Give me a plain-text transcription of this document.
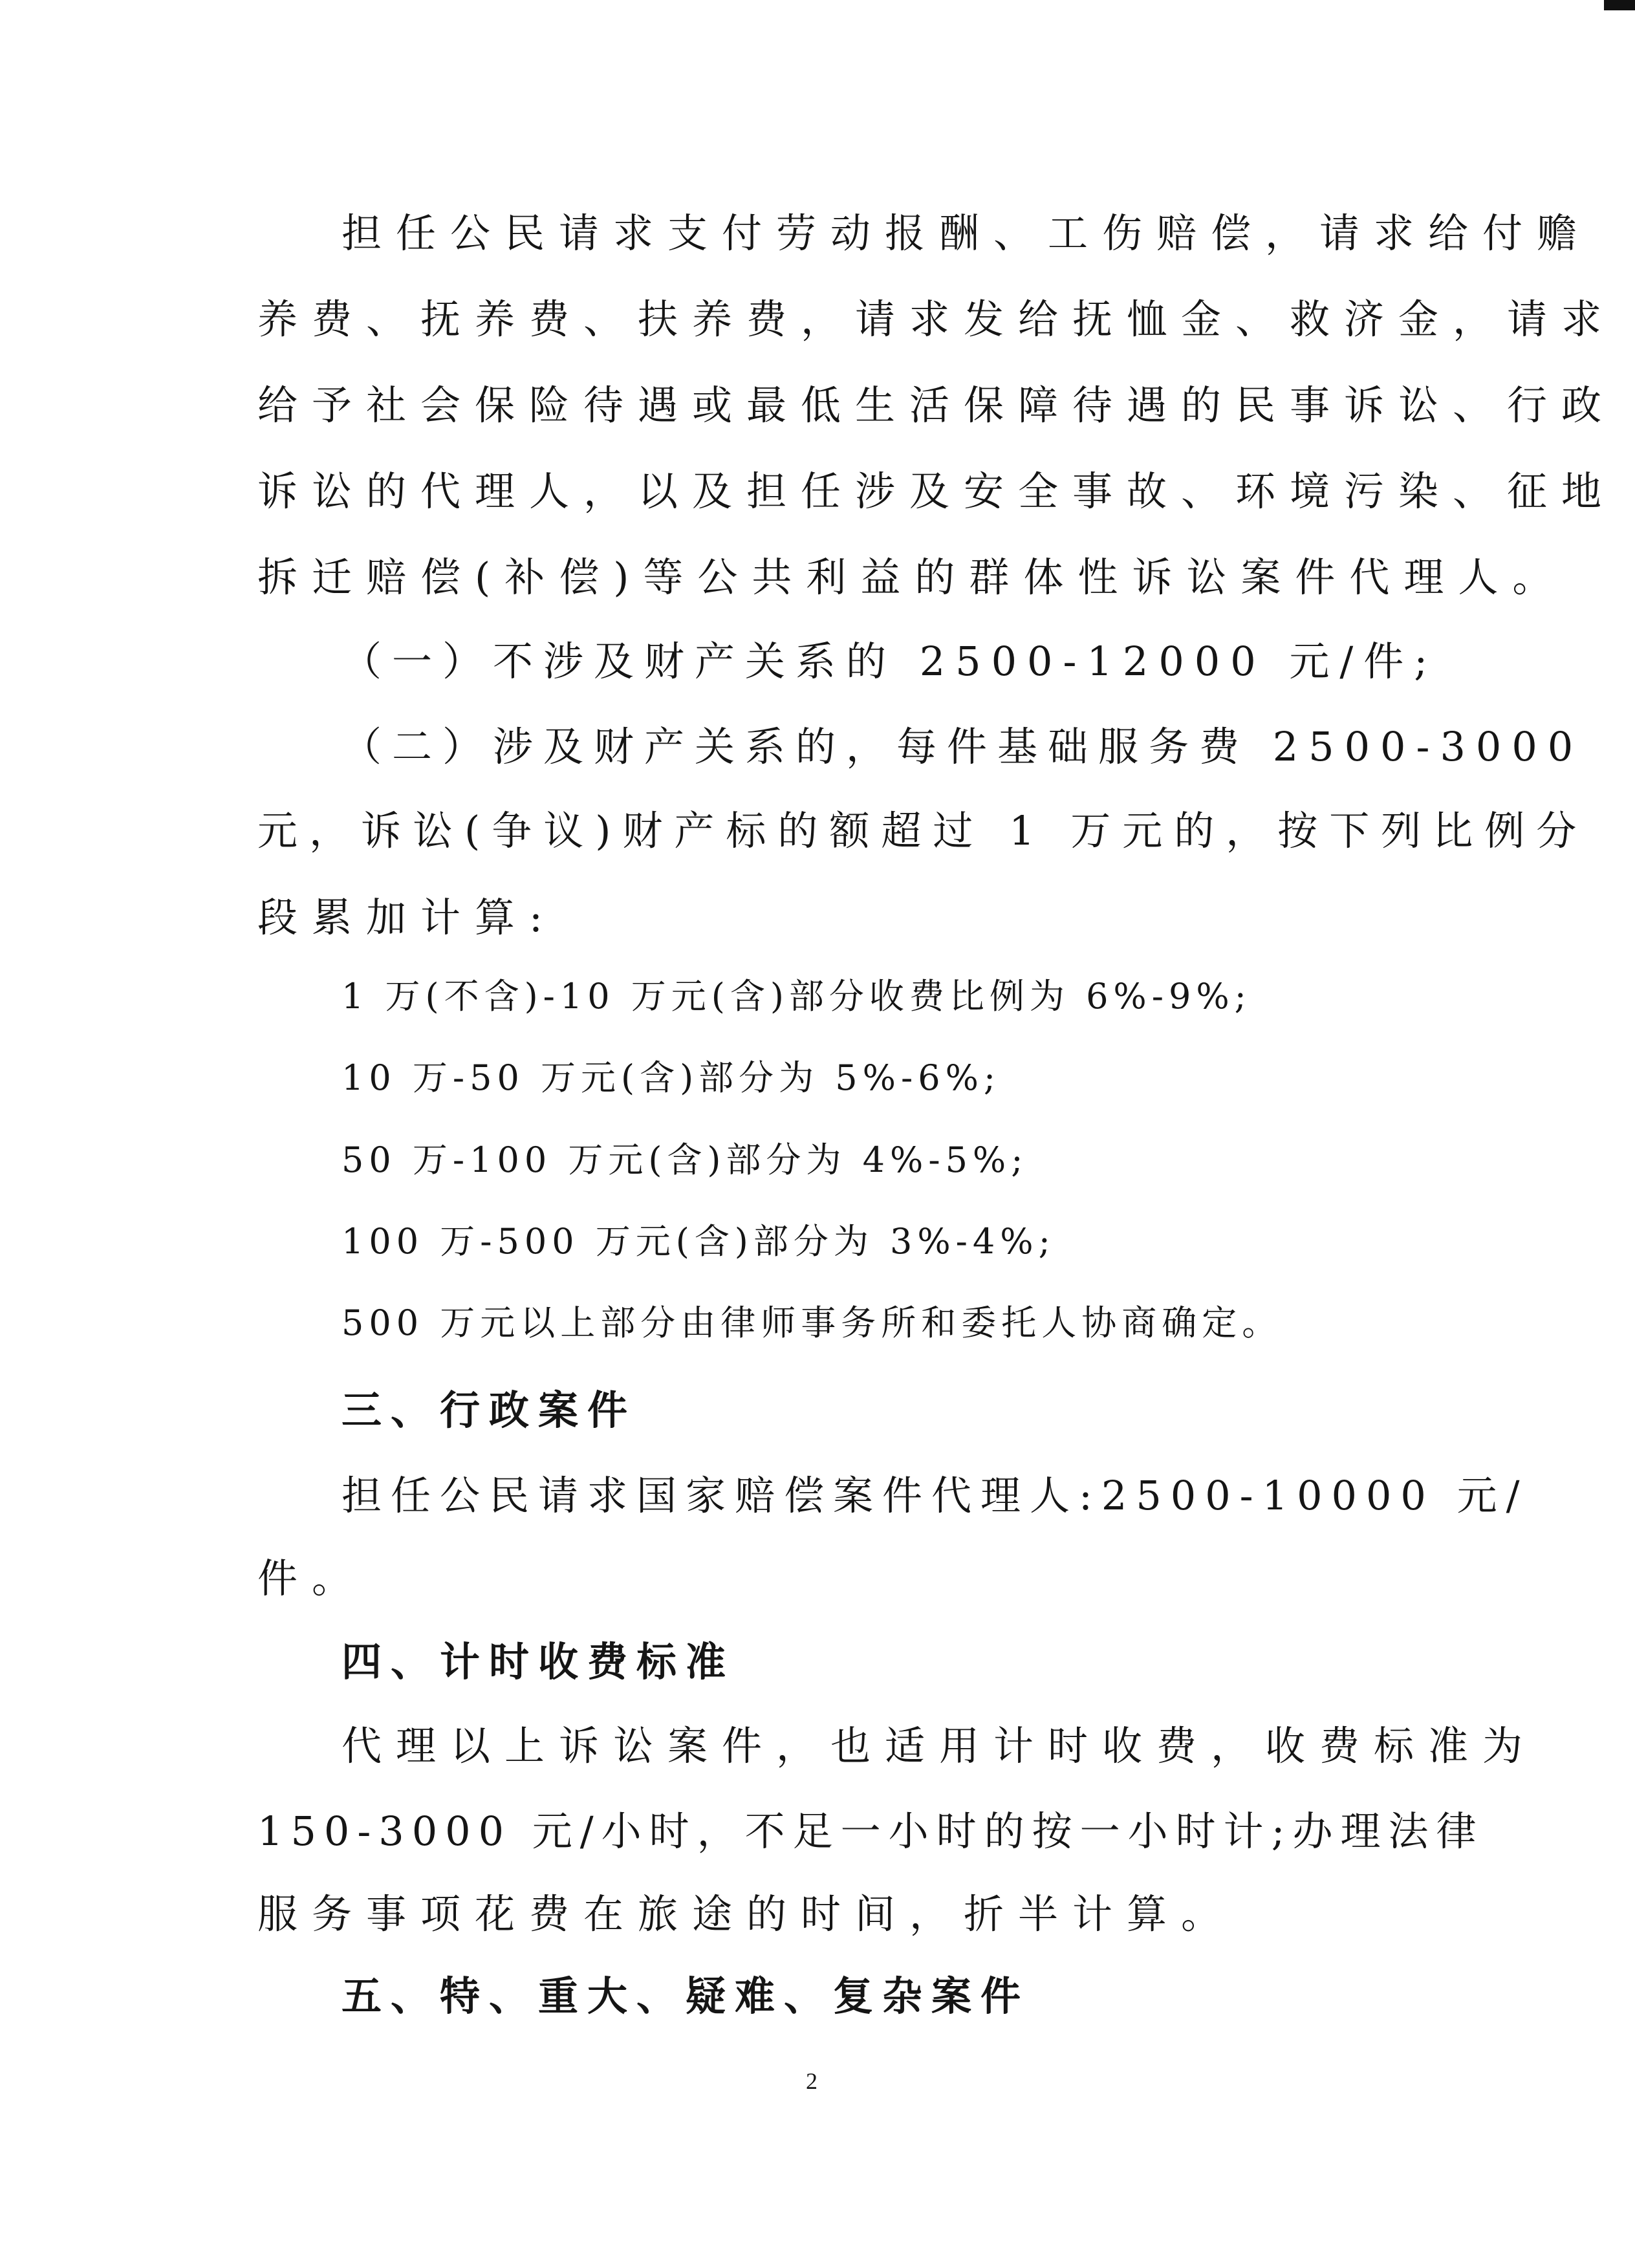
担任公民请求支付劳动报酬、工伤赔偿，请求给付赡

养费、抚养费、扶养费，请求发给抚恤金、救济金，请求

给予社会保险待遇或最低生活保障待遇的民事诉讼、行政

诉讼的代理人，以及担任涉及安全事故、环境污染、征地

拆迁赔偿(补偿)等公共利益的群体性诉讼案件代理人。

（一）不涉及财产关系的 2500-12000 元/件;

（二）涉及财产关系的，每件基础服务费 2500-3000

元，诉讼(争议)财产标的额超过 1 万元的，按下列比例分

段累加计算:

1 万(不含)-10 万元(含)部分收费比例为 6%-9%;

10 万-50 万元(含)部分为 5%-6%;

50 万-100 万元(含)部分为 4%-5%;

100 万-500 万元(含)部分为 3%-4%;

500 万元以上部分由律师事务所和委托人协商确定。

三、行政案件

担任公民请求国家赔偿案件代理人:2500-10000 元/

件。

四、计时收费标准

代理以上诉讼案件，也适用计时收费，收费标准为

150-3000 元/小时，不足一小时的按一小时计;办理法律

服务事项花费在旅途的时间，折半计算。

五、特、重大、疑难、复杂案件

2
